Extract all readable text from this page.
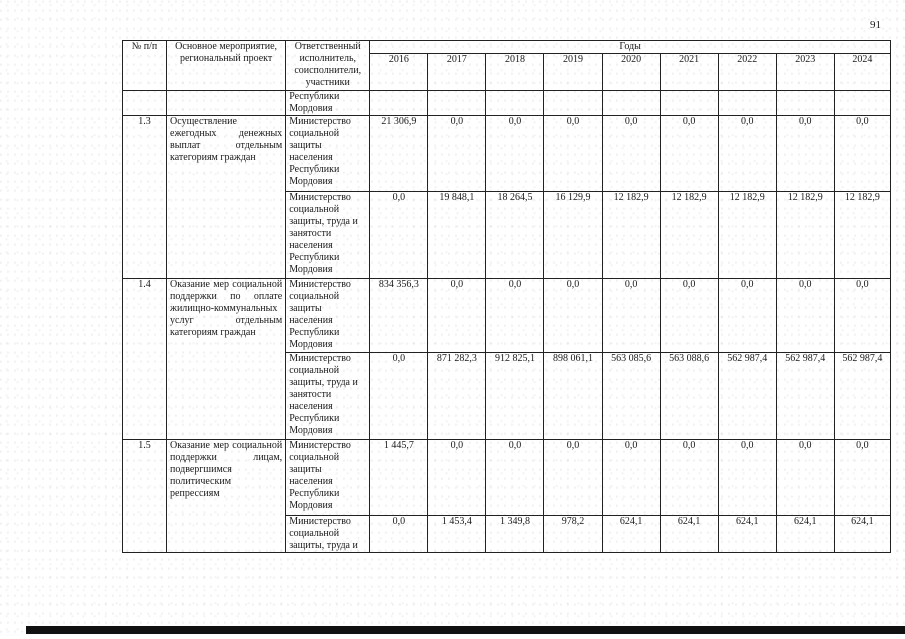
91
№ п/п	Основное мероприятие, региональный проект	Ответственный исполнитель, соисполнители, участники	Годы								
			2016	2017	2018	2019	2020	2021	2022	2023	2024
		Республики Мордовия									
1.3	Осуществление ежегодных денежных выплат отдельным категориям граждан	Министерство социальной защиты населения Республики Мордовия	21 306,9	0,0	0,0	0,0	0,0	0,0	0,0	0,0	0,0
		Министерство социальной защиты, труда и занятости населения Республики Мордовия	0,0	19 848,1	18 264,5	16 129,9	12 182,9	12 182,9	12 182,9	12 182,9	12 182,9
1.4	Оказание мер социальной поддержки по оплате жилищно-коммунальных услуг отдельным категориям граждан	Министерство социальной защиты населения Республики Мордовия	834 356,3	0,0	0,0	0,0	0,0	0,0	0,0	0,0	0,0
		Министерство социальной защиты, труда и занятости населения Республики Мордовия	0,0	871 282,3	912 825,1	898 061,1	563 085,6	563 088,6	562 987,4	562 987,4	562 987,4
1.5	Оказание мер социальной поддержки лицам, подвергшимся политическим репрессиям	Министерство социальной защиты населения Республики Мордовия	1 445,7	0,0	0,0	0,0	0,0	0,0	0,0	0,0	0,0
		Министерство социальной защиты, труда и	0,0	1 453,4	1 349,8	978,2	624,1	624,1	624,1	624,1	624,1
